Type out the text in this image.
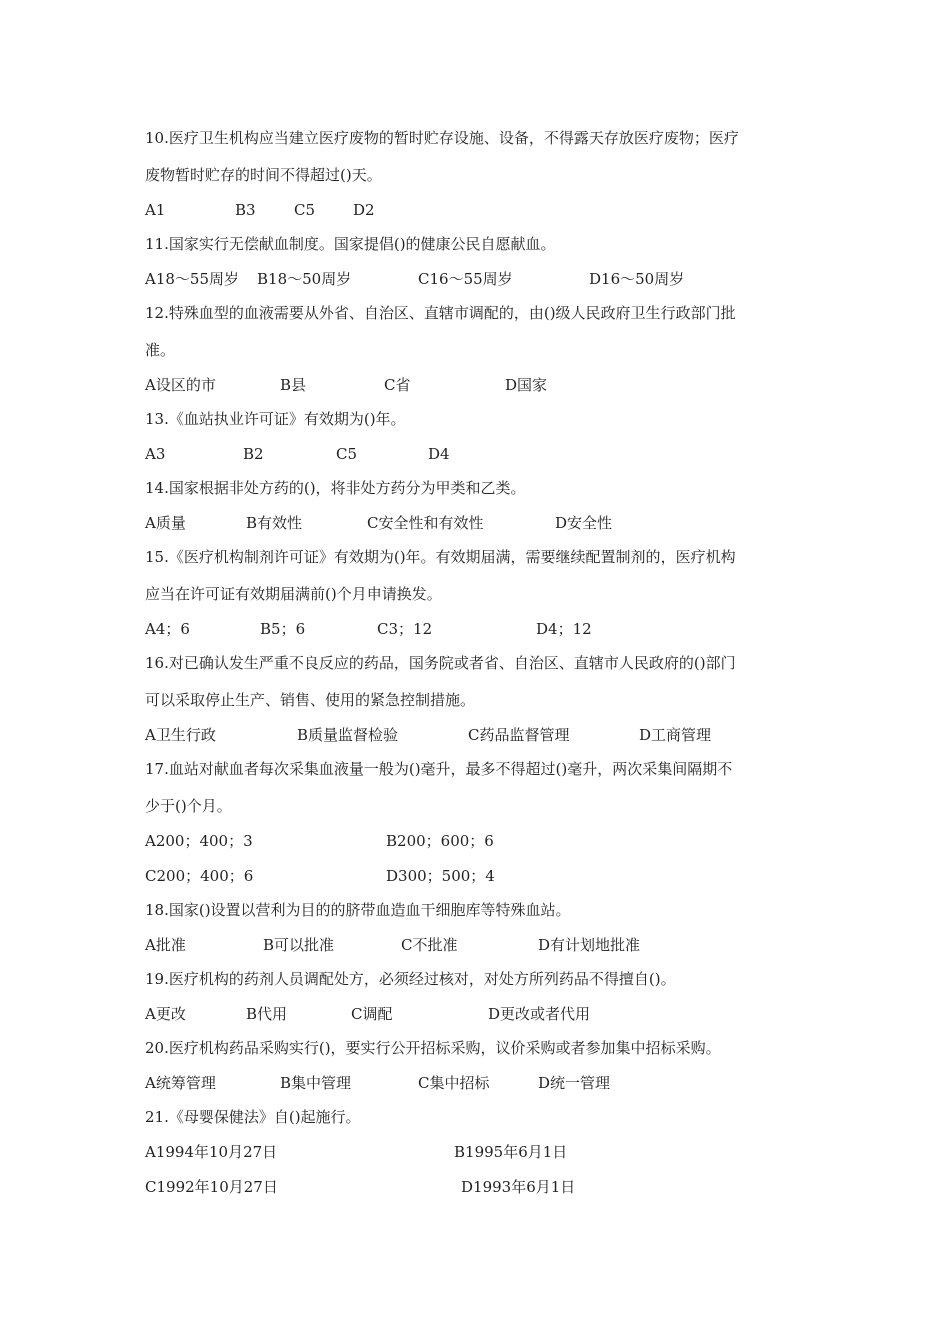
10.医疗卫生机构应当建立医疗废物的暂时贮存设施、设备，不得露天存放医疗废物；医疗
废物暂时贮存的时间不得超过()天。
A1	B3	C5	D2
11.国家实行无偿献血制度。国家提倡()的健康公民自愿献血。
A18～55周岁 B18～50周岁	C16～55周岁	D16～50周岁
12.特殊血型的血液需要从外省、自治区、直辖市调配的，由()级人民政府卫生行政部门批
准。
A设区的市	B县	C省	D国家
13.《血站执业许可证》有效期为()年。
A3	B2	C5	D4
14.国家根据非处方药的()，将非处方药分为甲类和乙类。
A质量	B有效性	C安全性和有效性	D安全性
15.《医疗机构制剂许可证》有效期为()年。有效期届满，需要继续配置制剂的，医疗机构
应当在许可证有效期届满前()个月申请换发。
A4；6	B5；6	C3；12	D4；12
16.对已确认发生严重不良反应的药品，国务院或者省、自治区、直辖市人民政府的()部门
可以采取停止生产、销售、使用的紧急控制措施。
A卫生行政	B质量监督检验	C药品监督管理	D工商管理
17.血站对献血者每次采集血液量一般为()毫升，最多不得超过()毫升，两次采集间隔期不
少于()个月。
A200；400；3	B200；600；6
C200；400；6	D300；500；4
18.国家()设置以营利为目的的脐带血造血干细胞库等特殊血站。
A批准	B可以批准	C不批准	D有计划地批准
19.医疗机构的药剂人员调配处方，必须经过核对，对处方所列药品不得擅自()。
A更改	B代用	C调配	D更改或者代用
20.医疗机构药品采购实行()，要实行公开招标采购，议价采购或者参加集中招标采购。
A统筹管理	B集中管理	C集中招标	D统一管理
21.《母婴保健法》自()起施行。
A1994年10月27日	B1995年6月1日
C1992年10月27日	D1993年6月1日
